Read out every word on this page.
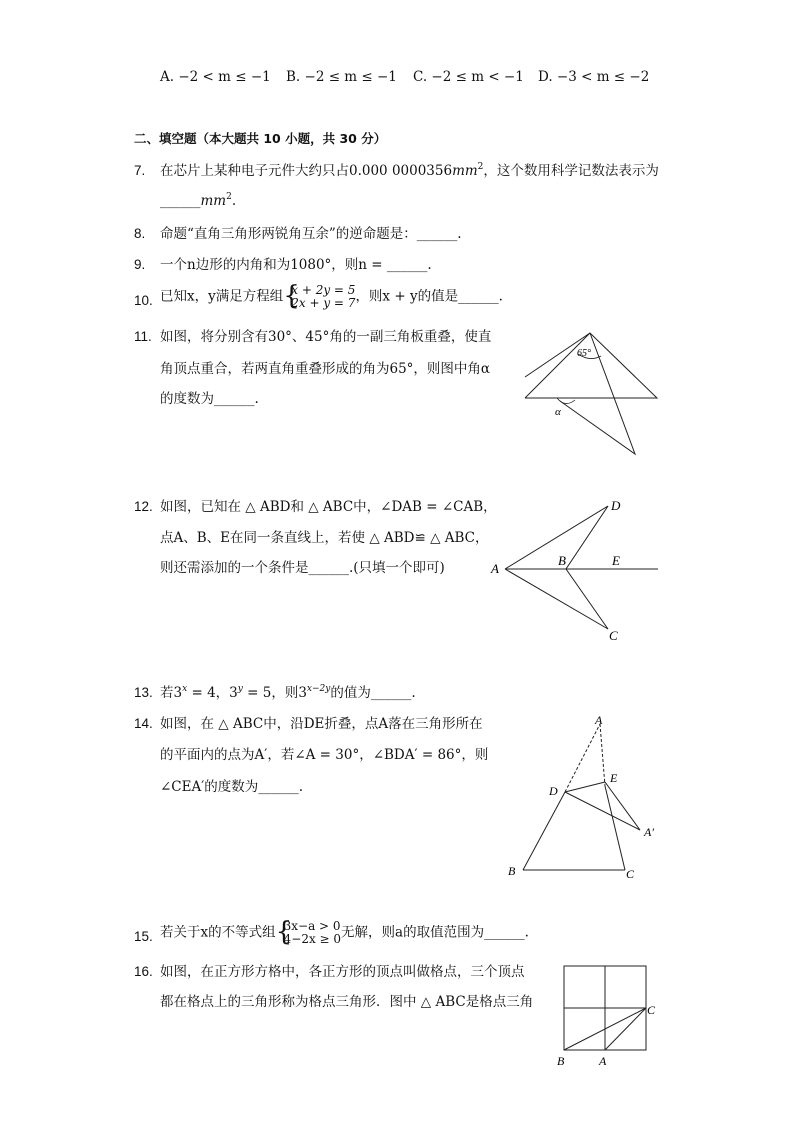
A. −2 < m ≤ −1 B. −2 ≤ m ≤ −1 C. −2 ≤ m < −1 D. −3 < m ≤ −2
二、填空题（本大题共 10 小题，共 30 分）
7. 在芯片上某种电子元件大约只占0.000 $0000356mm^2$，这个数用科学记数法表示为
$\_\_\_\_\_\_mm^2$.
8. 命题“直角三角形两锐角互余”的逆命题是：______.
9. 一个n边形的内角和为1080°，则n = ______.
10. 已知x，y满足方程组 {
x + 2y = 5
2x + y = 7，则x + y的值是______.
11. 如图，将分别含有30°、45°角的一副三角板重叠，使直
角顶点重合，若两直角重叠形成的角为65°，则图中角α
的度数为______.
65°
α
12. 如图，已知在 △ ABD和 △ ABC中，∠DAB = ∠CAB，
点A、B、E在同一条直线上，若使 △ ABD≌ △ ABC，
则还需添加的一个条件是______.(只填一个即可)
D
A
B	E
C
13. 若$3^x = 4$，$3^y = 5$，则$3^{x-2y}$的值为______.
14. 如图，在 △ ABC中，沿DE折叠，点A落在三角形所在
的平面内的点为A′，若∠A = 30°，∠BDA′ = 86°，则
∠CEA′的度数为______.
A
E
D
A′
B	C
15. 若关于x的不等式组 {
3x−a > 0
4−2x ≥ 0无解，则a的取值范围为______.
16. 如图，在正方形方格中，各正方形的顶点叫做格点，三个顶点
都在格点上的三角形称为格点三角形．图中 △ ABC是格点三角	C
B	A
